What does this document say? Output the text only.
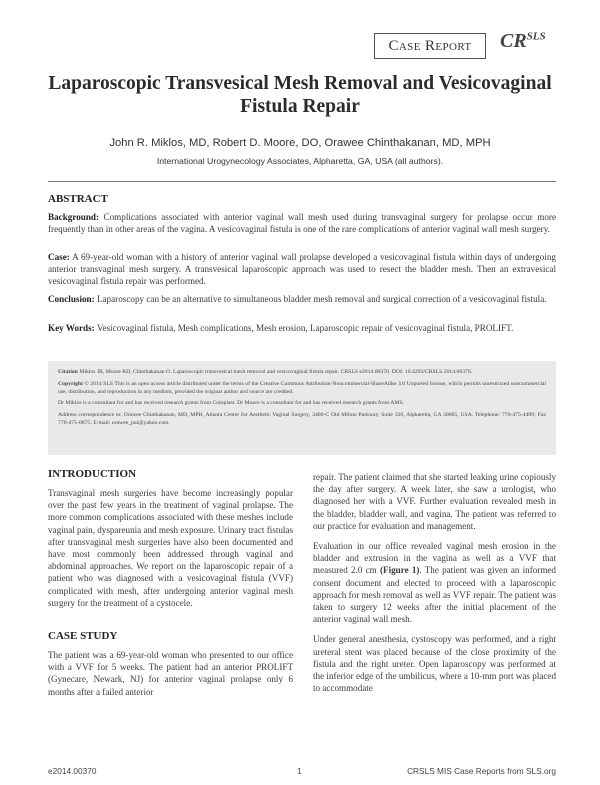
Case Report	$CR^{SLS}$
Laparoscopic Transvesical Mesh Removal and Vesicovaginal Fistula Repair
John R. Miklos, MD, Robert D. Moore, DO, Orawee Chinthakanan, MD, MPH
International Urogynecology Associates, Alpharetta, GA, USA (all authors).
ABSTRACT
Background: Complications associated with anterior vaginal wall mesh used during transvaginal surgery for prolapse occur more frequently than in other areas of the vagina. A vesicovaginal fistula is one of the rare complications of anterior vaginal wall mesh surgery.
Case: A 69-year-old woman with a history of anterior vaginal wall prolapse developed a vesicovaginal fistula within days of undergoing anterior transvaginal mesh surgery. A transvesical laparoscopic approach was used to resect the bladder mesh. Then an extravesical vesicovaginal fistula repair was performed.
Conclusion: Laparoscopy can be an alternative to simultaneous bladder mesh removal and surgical correction of a vesicovaginal fistula.
Key Words: Vesicovaginal fistula, Mesh complications, Mesh erosion, Laparoscopic repair of vesicovaginal fistula, PROLIFT.

Citation Miklos JR, Moore RD, Chinthakanan O. Laparoscopic transvesical mesh removal and vesicovaginal fistula repair. CRSLS e2014.00370. DOI: 10.4293/CRSLS.2014.00370.

Copyright © 2014 SLS This is an open access article distributed under the terms of the Creative Commons Attribution-Noncommercial-ShareAlike 3.0 Unported license, which permits unrestricted noncommercial use, distribution, and reproduction in any medium, provided the original author and source are credited.

Dr Miklos is a consultant for and has received research grants from Coloplast. Dr Moore is a consultant for and has received research grants from AMS.

Address correspondence to: Orawee Chinthakanan, MD, MPH, Atlanta Center for Aesthetic Vaginal Surgery, 3400-C Old Milton Parkway, Suite 330, Alpharetta, GA 30005, USA. Telephone: 770-475-4499; Fax 770-475-0875; E-mail: orawee_pui@yahoo.com

INTRODUCTION
Transvaginal mesh surgeries have become increasingly popular over the past few years in the treatment of vaginal prolapse. The more common complications associated with these meshes include vaginal pain, dyspareunia and mesh exposure. Urinary tract fistulas after transvaginal mesh surgeries have also been documented and have most commonly been addressed through vaginal and abdominal approaches. We report on the laparoscopic repair of a patient who was diagnosed with a vesicovaginal fistula (VVF) complicated with mesh, after undergoing anterior vaginal mesh surgery for the treatment of a cystocele.
CASE STUDY
The patient was a 69-year-old woman who presented to our office with a VVF for 5 weeks. The patient had an anterior PROLIFT (Gynecare, Newark, NJ) for anterior vaginal prolapse only 6 months after a failed anterior

repair. The patient claimed that she started leaking urine copiously the day after surgery. A week later, she saw a urologist, who diagnosed her with a VVF. Further evaluation revealed mesh in the bladder, bladder wall, and vagina. The patient was referred to our practice for evaluation and management.

Evaluation in our office revealed vaginal mesh erosion in the bladder and extrusion in the vagina as well as a VVF that measured 2.0 cm (Figure 1). The patient was given an informed consent document and elected to proceed with a laparoscopic approach for mesh removal as well as VVF repair. The patient was taken to surgery 12 weeks after the initial placement of the anterior vaginal wall mesh.

Under general anesthesia, cystoscopy was performed, and a right ureteral stent was placed because of the close proximity of the fistula and the right ureter. Open laparoscopy was performed at the inferior edge of the umbilicus, where a 10-mm port was placed to accommodate

e2014.00370	1	CRSLS MIS Case Reports from SLS.org
